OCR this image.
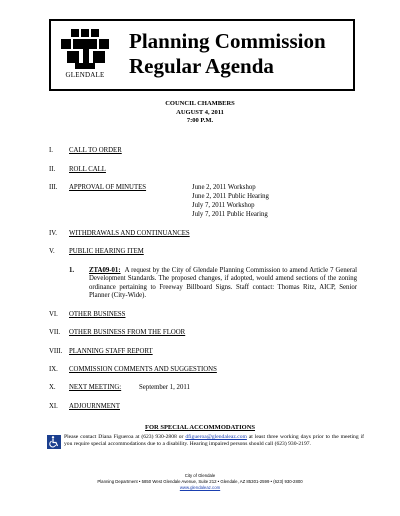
GLENDALE
Planning Commission
Regular Agenda
COUNCIL CHAMBERS
AUGUST 4, 2011
7:00 P.M.
I. CALL TO ORDER
II. ROLL CALL
III. APPROVAL OF MINUTES	June 2, 2011 Workshop
June 2, 2011 Public Hearing
July 7, 2011 Workshop
July 7, 2011 Public Hearing
IV. WITHDRAWALS AND CONTINUANCES
V. PUBLIC HEARING ITEM
1. ZTA09-01: A request by the City of Glendale Planning Commission to amend Article 7 General Development Standards. The proposed changes, if adopted, would amend sections of the zoning ordinance pertaining to Freeway Billboard Signs. Staff contact: Thomas Ritz, AICP, Senior Planner (City-Wide).
VI. OTHER BUSINESS
VII. OTHER BUSINESS FROM THE FLOOR
VIII. PLANNING STAFF REPORT
IX. COMMISSION COMMENTS AND SUGGESTIONS
X. NEXT MEETING:	September 1, 2011
XI. ADJOURNMENT
FOR SPECIAL ACCOMMODATIONS
Please contact Diana Figueroa at (623) 930-2808 or dfigueroa@glendaleaz.com at least three working days prior to the meeting if you require special accommodations due to a disability. Hearing impaired persons should call (623) 930-2197.
City of Glendale
Planning Department • 5850 West Glendale Avenue, Suite 212 • Glendale, AZ 85301-2599 • (623) 930-2800
www.glendaleaz.com
